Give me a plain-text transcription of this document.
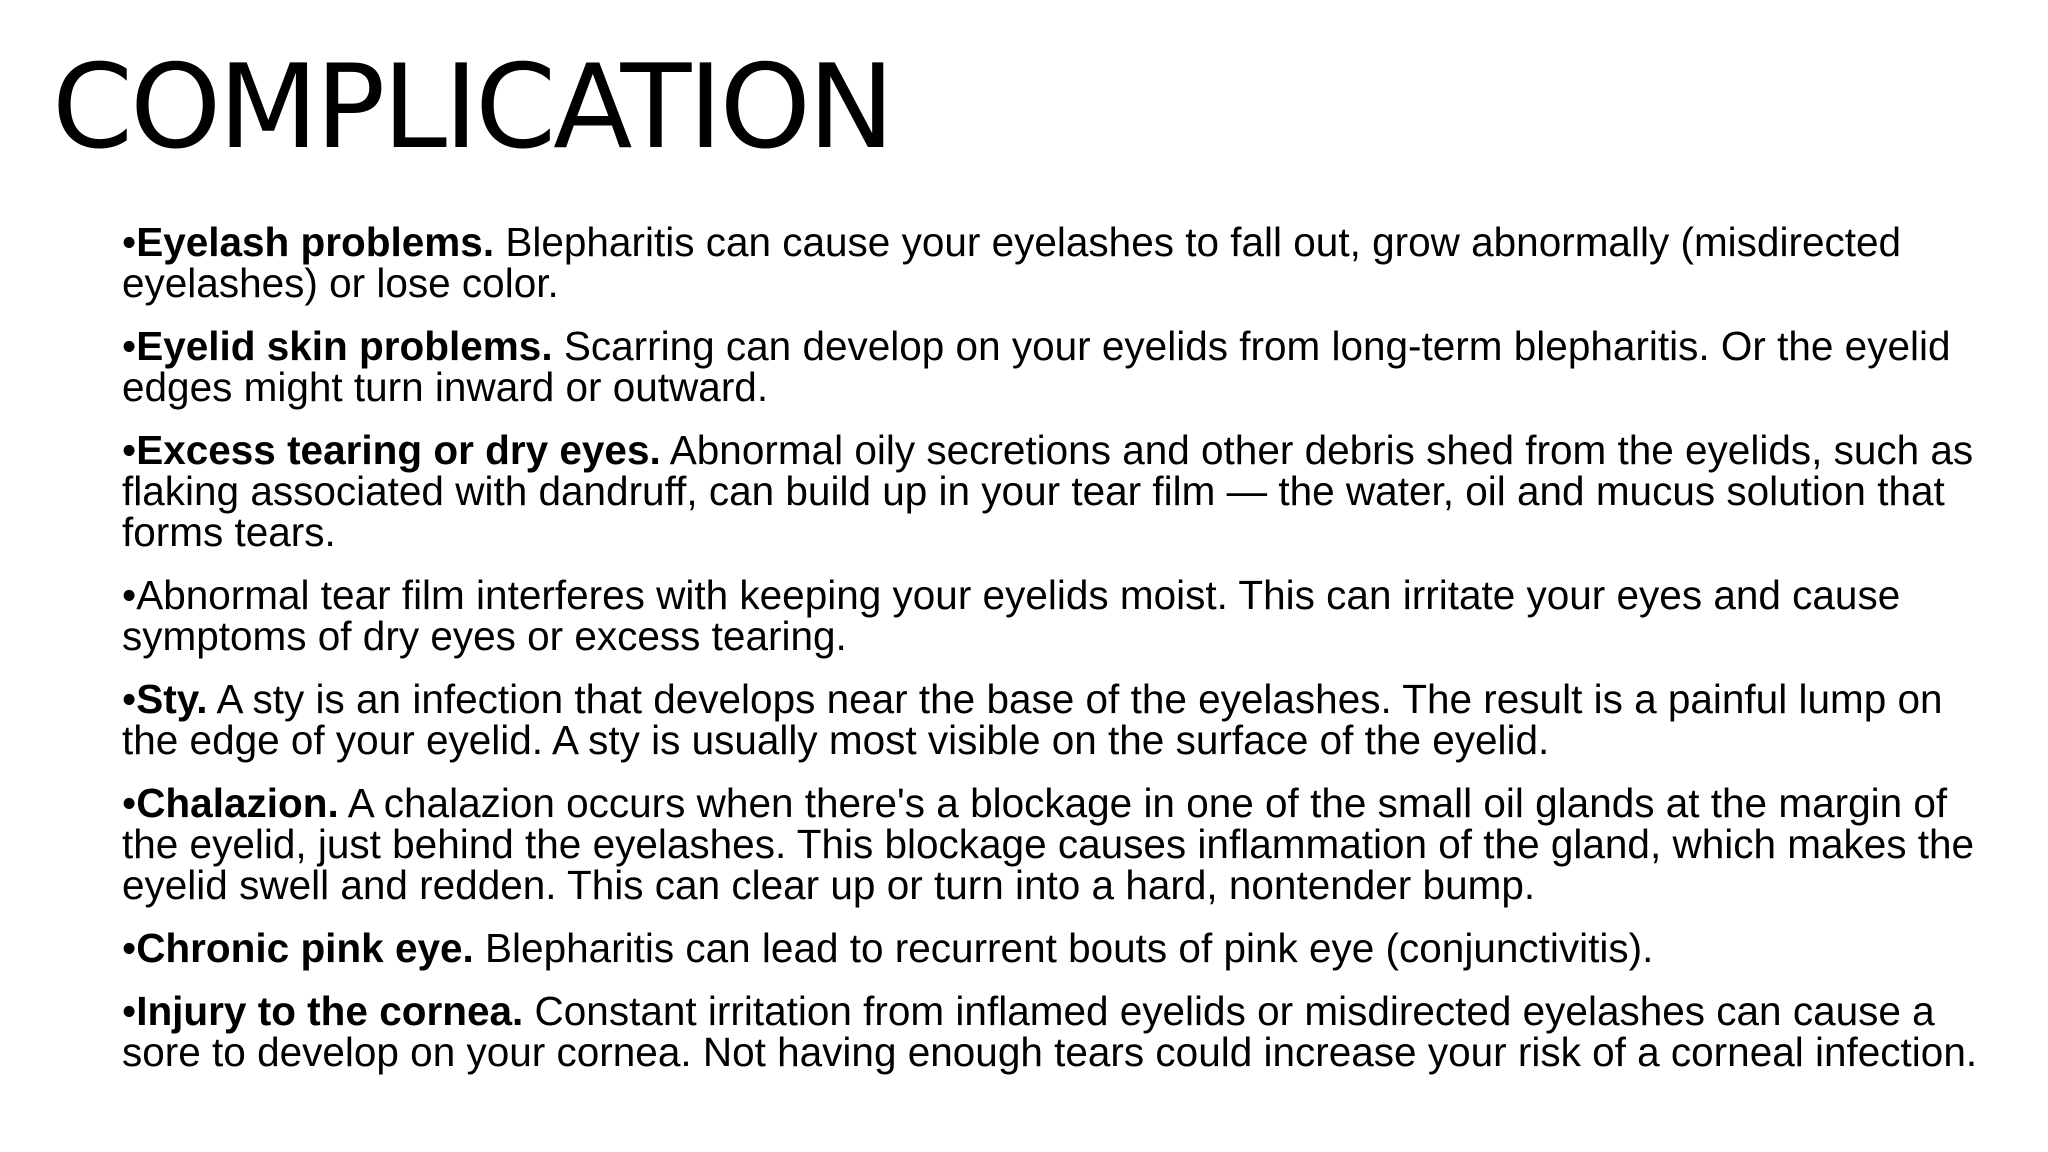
COMPLICATION
•Eyelash problems. Blepharitis can cause your eyelashes to fall out, grow abnormally (misdirected eyelashes) or lose color.
•Eyelid skin problems. Scarring can develop on your eyelids from long-term blepharitis. Or the eyelid edges might turn inward or outward.
•Excess tearing or dry eyes. Abnormal oily secretions and other debris shed from the eyelids, such as flaking associated with dandruff, can build up in your tear film — the water, oil and mucus solution that forms tears.
•Abnormal tear film interferes with keeping your eyelids moist. This can irritate your eyes and cause symptoms of dry eyes or excess tearing.
•Sty. A sty is an infection that develops near the base of the eyelashes. The result is a painful lump on the edge of your eyelid. A sty is usually most visible on the surface of the eyelid.
•Chalazion. A chalazion occurs when there's a blockage in one of the small oil glands at the margin of the eyelid, just behind the eyelashes. This blockage causes inflammation of the gland, which makes the eyelid swell and redden. This can clear up or turn into a hard, nontender bump.
•Chronic pink eye. Blepharitis can lead to recurrent bouts of pink eye (conjunctivitis).
•Injury to the cornea. Constant irritation from inflamed eyelids or misdirected eyelashes can cause a sore to develop on your cornea. Not having enough tears could increase your risk of a corneal infection.
